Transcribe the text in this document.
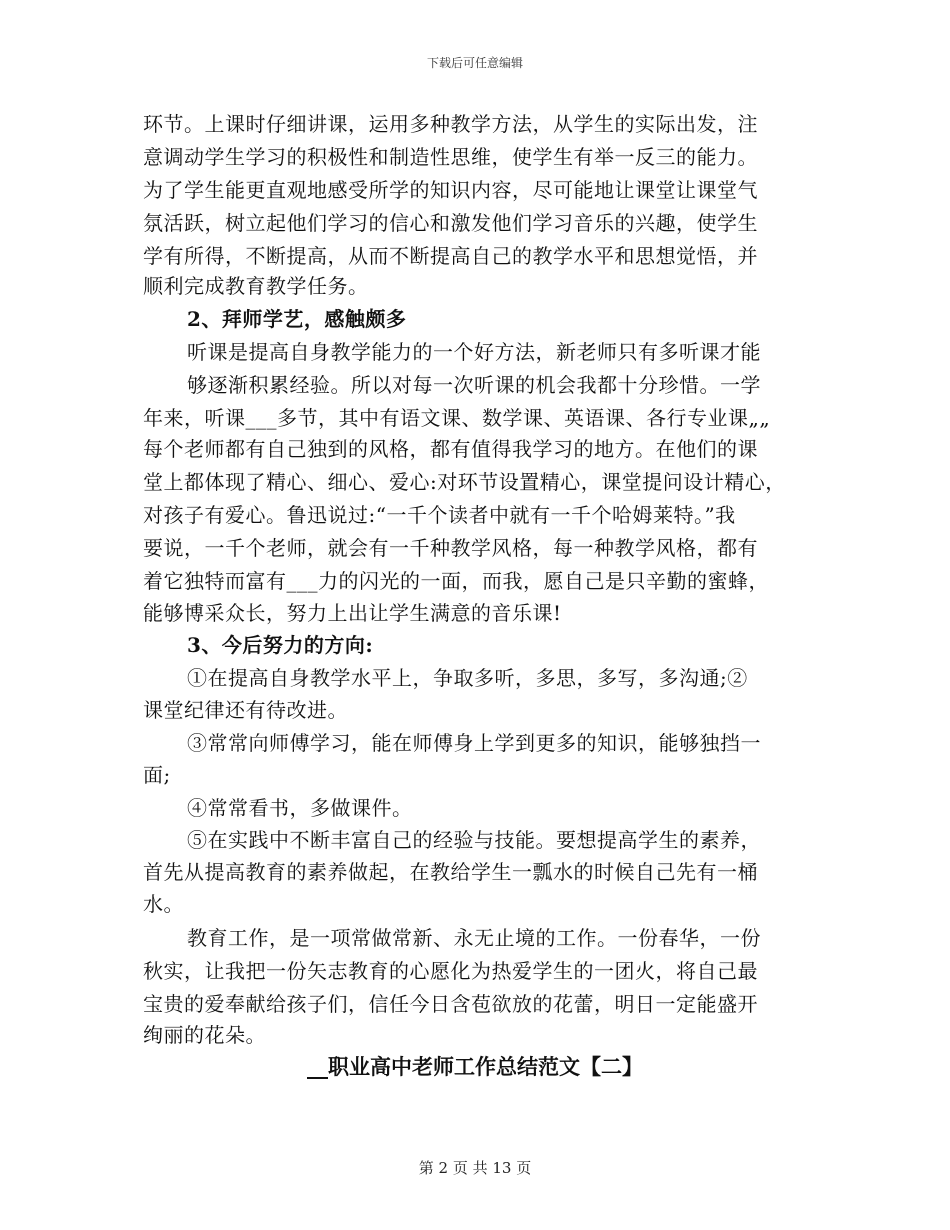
下载后可任意编辑
环节。上课时仔细讲课，运用多种教学方法，从学生的实际出发，注
意调动学生学习的积极性和制造性思维，使学生有举一反三的能力。
为了学生能更直观地感受所学的知识内容，尽可能地让课堂让课堂气
氛活跃，树立起他们学习的信心和激发他们学习音乐的兴趣，使学生
学有所得，不断提高，从而不断提高自己的教学水平和思想觉悟，并
顺利完成教育教学任务。
2、拜师学艺，感触颇多
听课是提高自身教学能力的一个好方法，新老师只有多听课才能
够逐渐积累经验。所以对每一次听课的机会我都十分珍惜。一学
年来，听课___多节，其中有语文课、数学课、英语课、各行专业课„„
每个老师都有自己独到的风格，都有值得我学习的地方。在他们的课
堂上都体现了精心、细心、爱心:对环节设置精心，课堂提问设计精心，
对孩子有爱心。鲁迅说过:“一千个读者中就有一千个哈姆莱特。”我
要说，一千个老师，就会有一千种教学风格，每一种教学风格，都有
着它独特而富有___力的闪光的一面，而我，愿自己是只辛勤的蜜蜂，
能够博采众长，努力上出让学生满意的音乐课!
3、今后努力的方向:
①在提高自身教学水平上，争取多听，多思，多写，多沟通;②
课堂纪律还有待改进。
③常常向师傅学习，能在师傅身上学到更多的知识，能够独挡一
面;
④常常看书，多做课件。
⑤在实践中不断丰富自己的经验与技能。要想提高学生的素养，
首先从提高教育的素养做起，在教给学生一瓢水的时候自己先有一桶
水。
教育工作，是一项常做常新、永无止境的工作。一份春华，一份
秋实，让我把一份矢志教育的心愿化为热爱学生的一团火，将自己最
宝贵的爱奉献给孩子们，信任今日含苞欲放的花蕾，明日一定能盛开
绚丽的花朵。
__职业高中老师工作总结范文【二】
第 2 页 共 13 页
